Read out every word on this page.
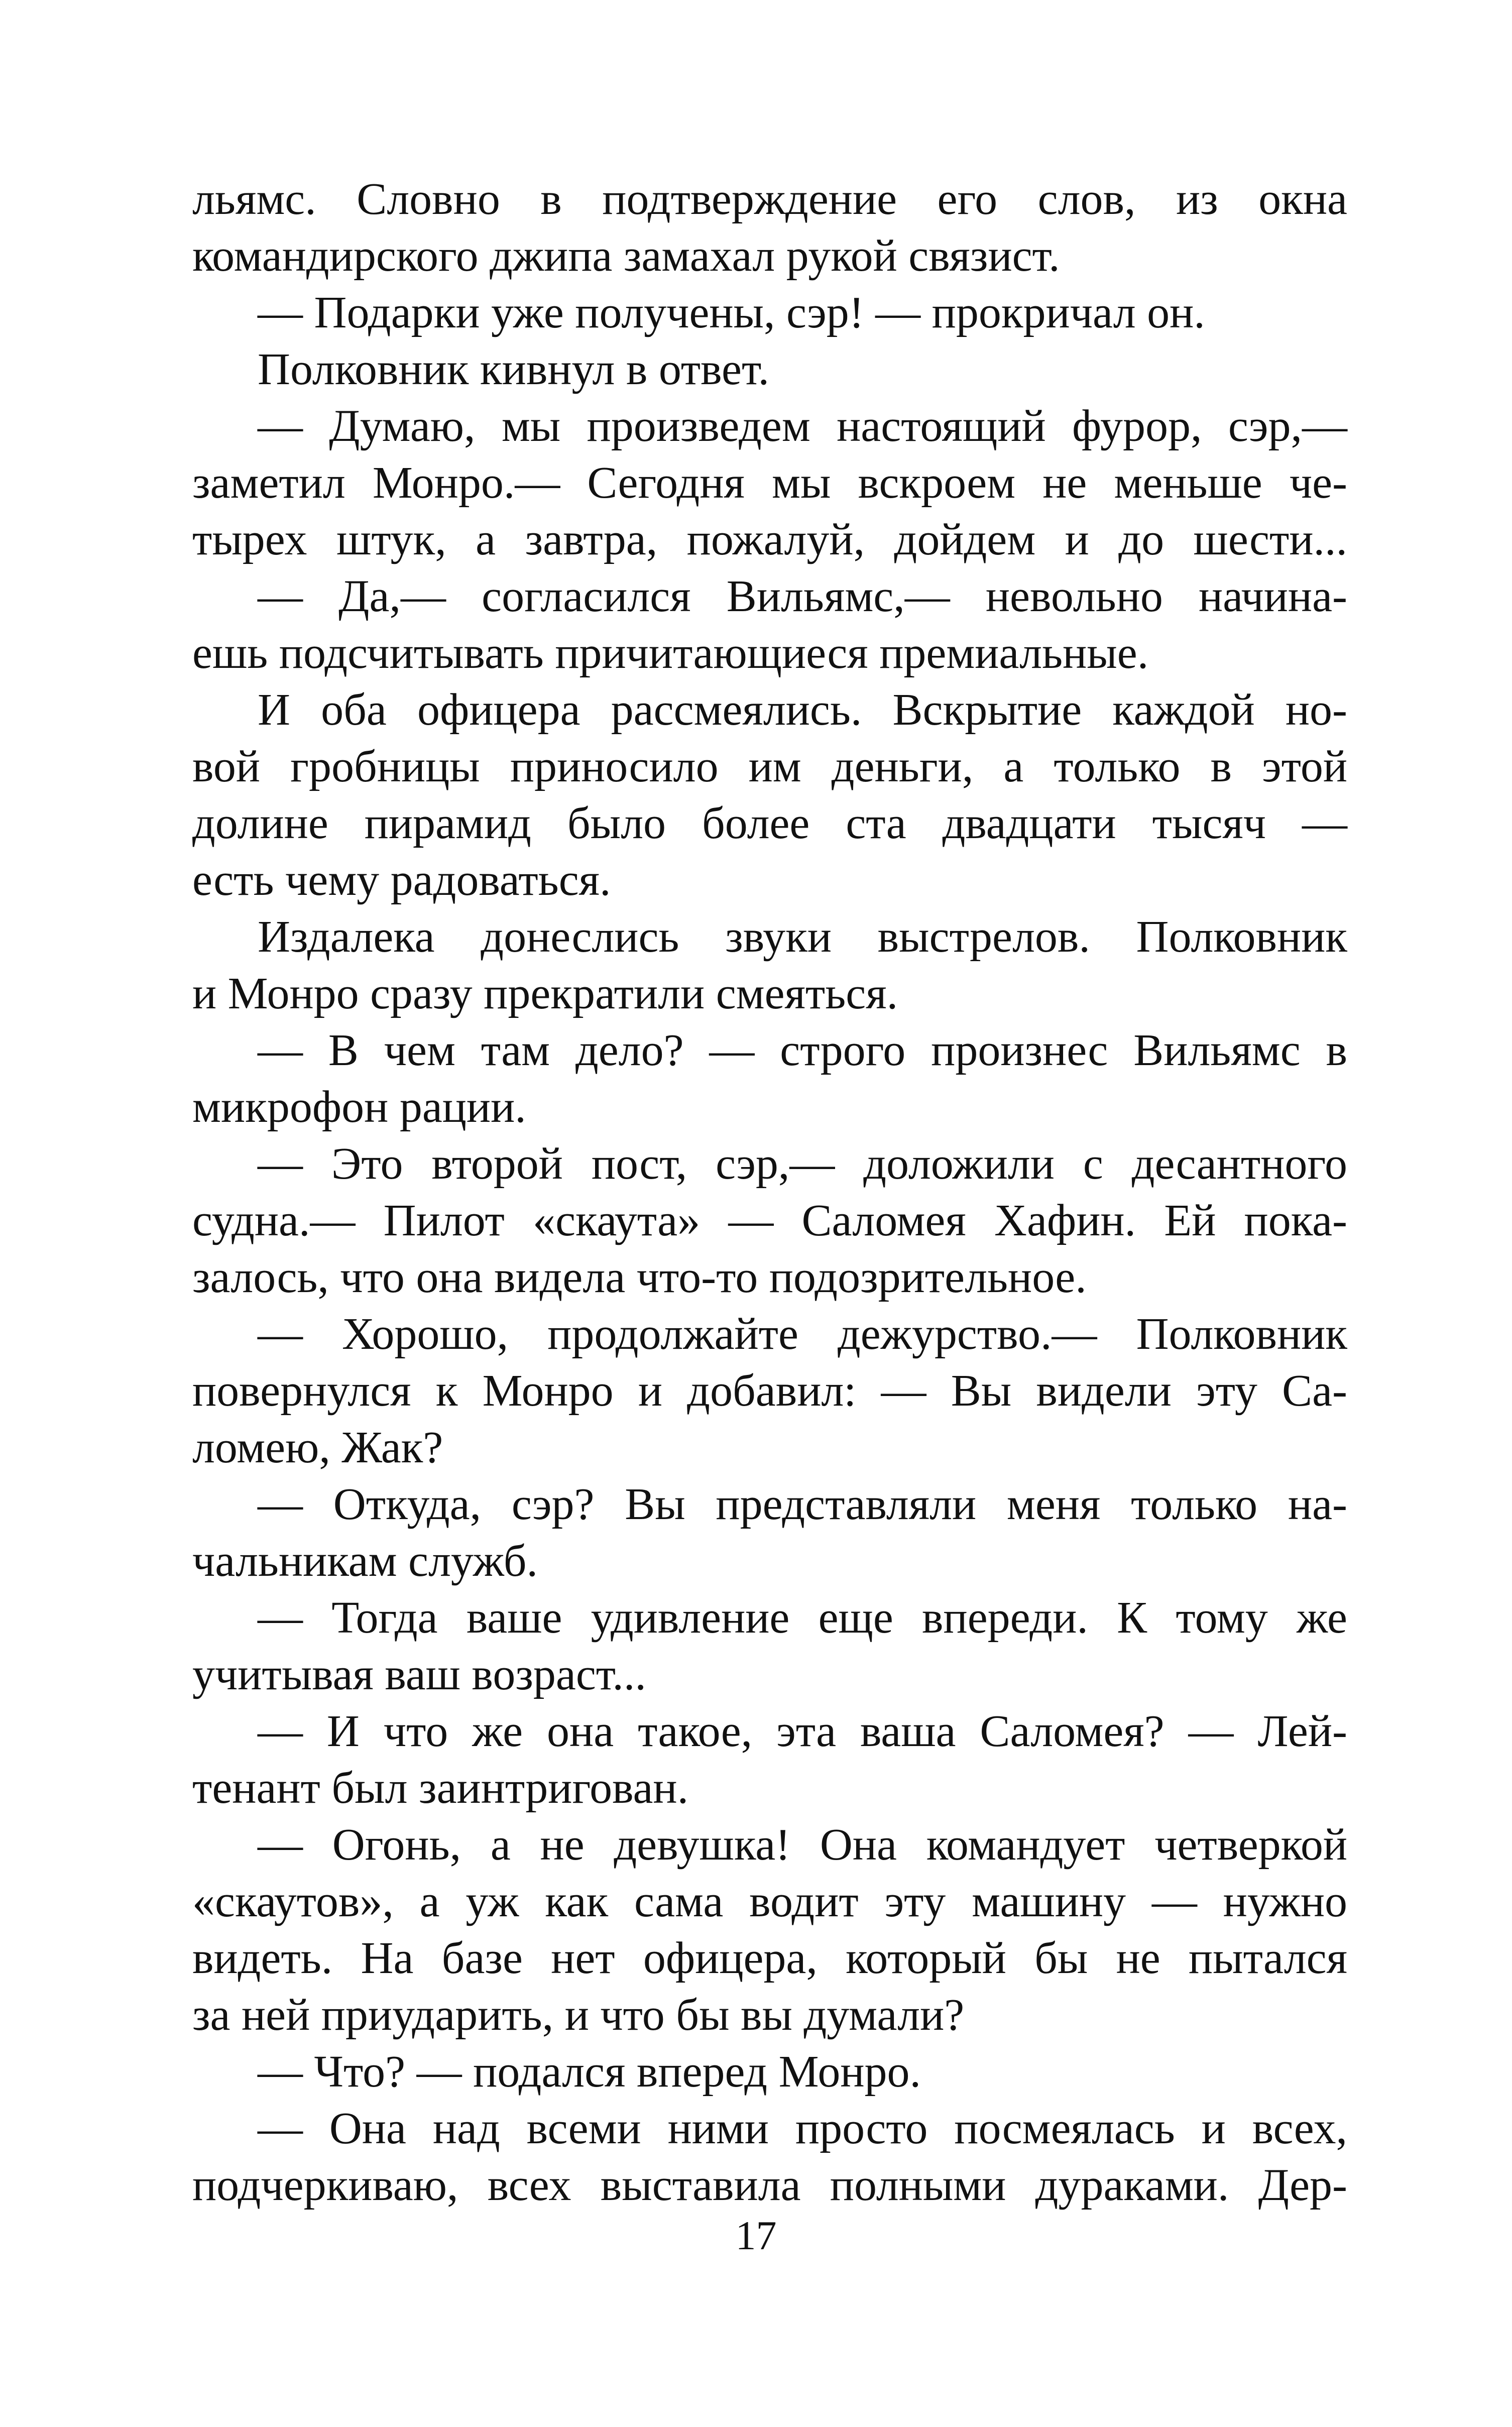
льямс. Словно в подтверждение его слов, из окна
командирского джипа замахал рукой связист.
— Подарки уже получены, сэр! — прокричал он.
Полковник кивнул в ответ.
— Думаю, мы произведем настоящий фурор, сэр,—
заметил Монро.— Сегодня мы вскроем не меньше че-
тырех штук, а завтра, пожалуй, дойдем и до шести...
— Да,— согласился Вильямс,— невольно начина-
ешь подсчитывать причитающиеся премиальные.
И оба офицера рассмеялись. Вскрытие каждой но-
вой гробницы приносило им деньги, а только в этой
долине пирамид было более ста двадцати тысяч —
есть чему радоваться.
Издалека донеслись звуки выстрелов. Полковник
и Монро сразу прекратили смеяться.
— В чем там дело? — строго произнес Вильямс в
микрофон рации.
— Это второй пост, сэр,— доложили с десантного
судна.— Пилот «скаута» — Саломея Хафин. Ей пока-
залось, что она видела что-то подозрительное.
— Хорошо, продолжайте дежурство.— Полковник
повернулся к Монро и добавил: — Вы видели эту Са-
ломею, Жак?
— Откуда, сэр? Вы представляли меня только на-
чальникам служб.
— Тогда ваше удивление еще впереди. К тому же
учитывая ваш возраст...
— И что же она такое, эта ваша Саломея? — Лей-
тенант был заинтригован.
— Огонь, а не девушка! Она командует четверкой
«скаутов», а уж как сама водит эту машину — нужно
видеть. На базе нет офицера, который бы не пытался
за ней приударить, и что бы вы думали?
— Что? — подался вперед Монро.
— Она над всеми ними просто посмеялась и всех,
подчеркиваю, всех выставила полными дураками. Дер-
17
